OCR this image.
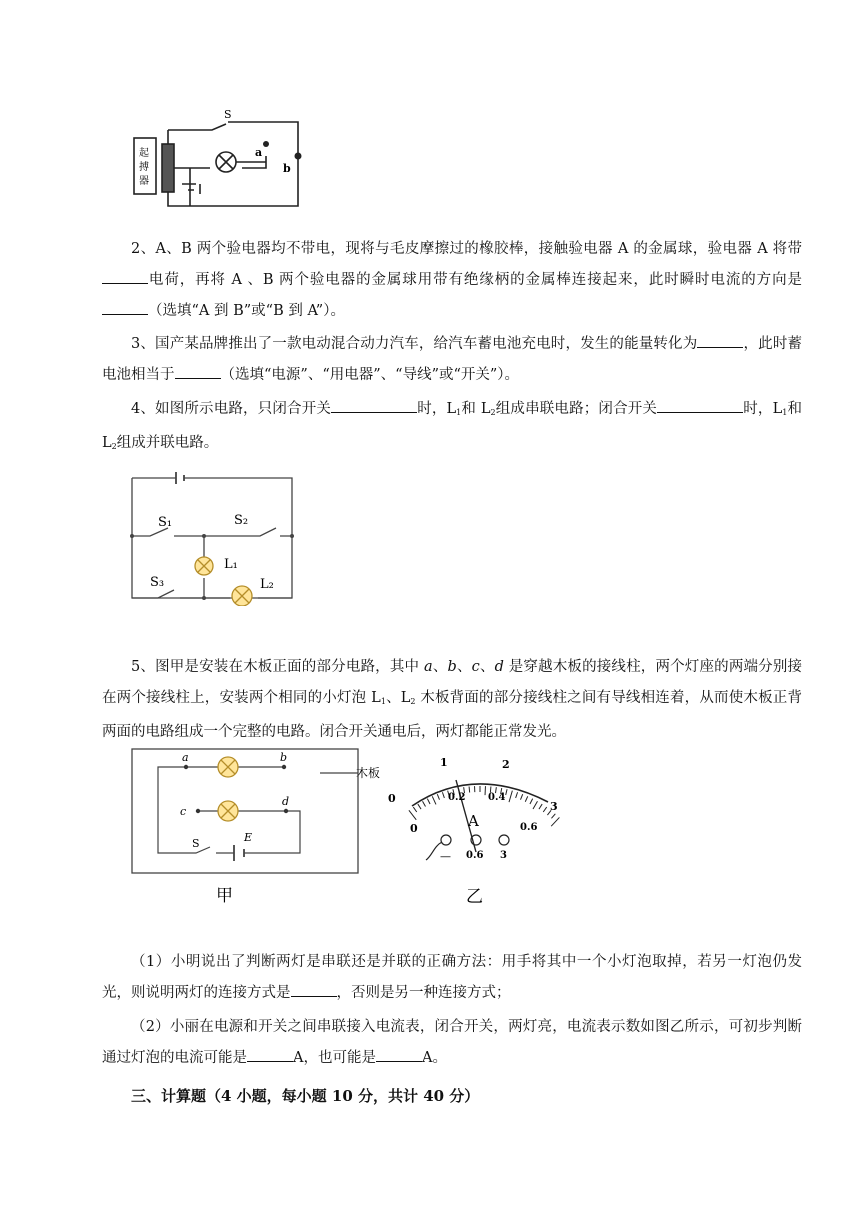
S
a
b
起
搏
器

2、A、B 两个验电器均不带电，现将与毛皮摩擦过的橡胶棒，接触验电器 A 的金属球，验电器 A 将带电荷，再将 A 、B 两个验电器的金属球用带有绝缘柄的金属棒连接起来，此时瞬时电流的方向是（选填“A 到 B”或“B 到 A”）。

3、国产某品牌推出了一款电动混合动力汽车，给汽车蓄电池充电时，发生的能量转化为	，此时蓄电池相当于	（选填“电源”、“用电器”、“导线”或“开关”）。

4、如图所示电路，只闭合开关	时，$L_1$和 $L_2$组成串联电路；闭合开关	时，$L_1$和 $L_2$组成并联电路。

S₁	S₂
S₃
L₁
L₂

5、图甲是安装在木板正面的部分电路，其中 a、b、c、d 是穿越木板的接线柱，两个灯座的两端分别接在两个接线柱上，安装两个相同的小灯泡 $L_1$、$L_2$ 木板背面的部分接线柱之间有导线相连着，从而使木板正背两面的电路组成一个完整的电路。闭合开关通电后，两灯都能正常发光。

a	b
c
d
S	E
木板
甲
0
1	2
3
0
0.2 0.4
0.6
A
— 0.6 3
乙

（1）小明说出了判断两灯是串联还是并联的正确方法：用手将其中一个小灯泡取掉，若另一灯泡仍发光，则说明两灯的连接方式是	，否则是另一种连接方式；

（2）小丽在电源和开关之间串联接入电流表，闭合开关，两灯亮，电流表示数如图乙所示，可初步判断通过灯泡的电流可能是	A，也可能是	A。

三、计算题（4 小题，每小题 10 分，共计 40 分）
